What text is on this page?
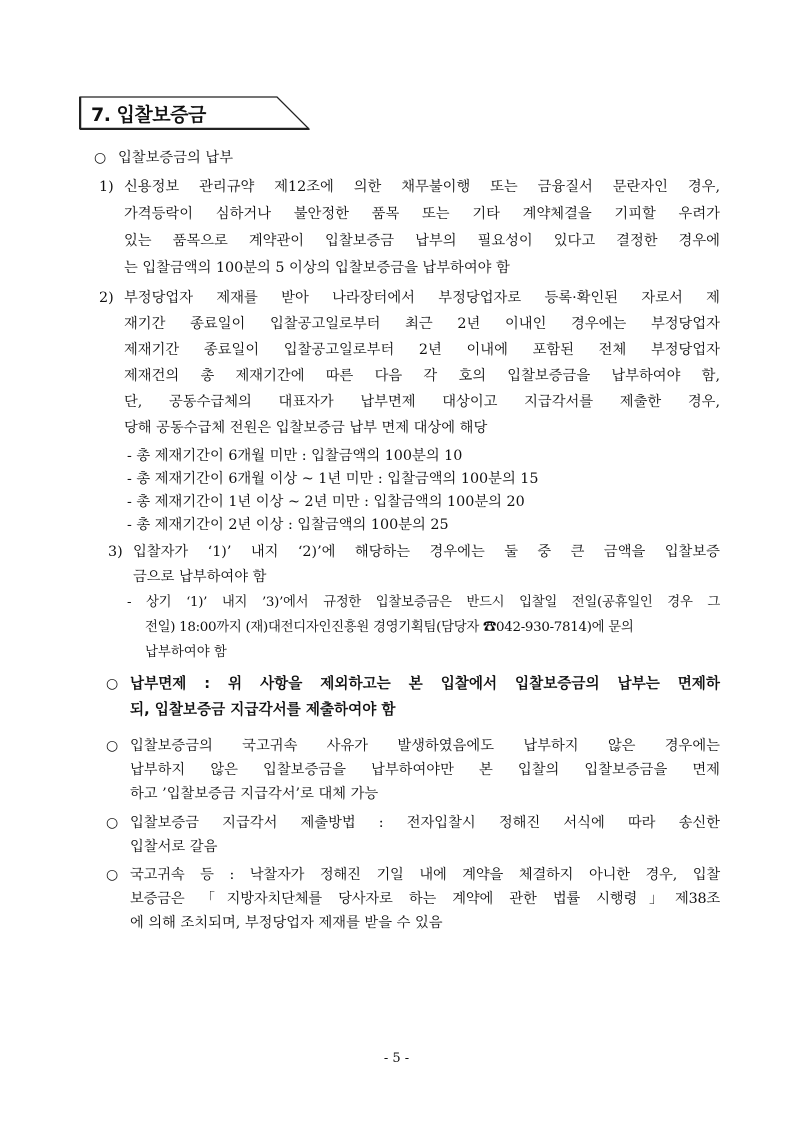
7. 입찰보증금
○ 입찰보증금의 납부
1) 신용정보 관리규약 제12조에 의한 채무불이행 또는 금융질서 문란자인 경우,
가격등락이 심하거나 불안정한 품목 또는 기타 계약체결을 기피할 우려가
있는 품목으로 계약관이 입찰보증금 납부의 필요성이 있다고 결정한 경우에
는 입찰금액의 100분의 5 이상의 입찰보증금을 납부하여야 함
2) 부정당업자 제재를 받아 나라장터에서 부정당업자로 등록·확인된 자로서 제
재기간 종료일이 입찰공고일로부터 최근 2년 이내인 경우에는 부정당업자
제재기간 종료일이 입찰공고일로부터 2년 이내에 포함된 전체 부정당업자
제재건의 총 제재기간에 따른 다음 각 호의 입찰보증금을 납부하여야 함,
단, 공동수급체의 대표자가 납부면제 대상이고 지급각서를 제출한 경우,
당해 공동수급체 전원은 입찰보증금 납부 면제 대상에 해당
- 총 제재기간이 6개월 미만 : 입찰금액의 100분의 10
- 총 제재기간이 6개월 이상 ~ 1년 미만 : 입찰금액의 100분의 15
- 총 제재기간이 1년 이상 ~ 2년 미만 : 입찰금액의 100분의 20
- 총 제재기간이 2년 이상 : 입찰금액의 100분의 25
3) 입찰자가 ‘1)’ 내지 ‘2)’에 해당하는 경우에는 둘 중 큰 금액을 입찰보증
금으로 납부하여야 함
- 상기 ‘1)’ 내지 ’3)’에서 규정한 입찰보증금은 반드시 입찰일 전일(공휴일인 경우 그
전일) 18:00까지 (재)대전디자인진흥원 경영기획팀(담당자 ☎042-930-7814)에 문의
납부하여야 함
○ 납부면제 : 위 사항을 제외하고는 본 입찰에서 입찰보증금의 납부는 면제하
되, 입찰보증금 지급각서를 제출하여야 함
○ 입찰보증금의 국고귀속 사유가 발생하였음에도 납부하지 않은 경우에는
납부하지 않은 입찰보증금을 납부하여야만 본 입찰의 입찰보증금을 면제
하고 ’입찰보증금 지급각서’로 대체 가능
○ 입찰보증금 지급각서 제출방법 : 전자입찰시 정해진 서식에 따라 송신한
입찰서로 갈음
○ 국고귀속 등 : 낙찰자가 정해진 기일 내에 계약을 체결하지 아니한 경우, 입찰
보증금은 「지방자치단체를 당사자로 하는 계약에 관한 법률 시행령」제38조
에 의해 조치되며, 부정당업자 제재를 받을 수 있음
- 5 -
